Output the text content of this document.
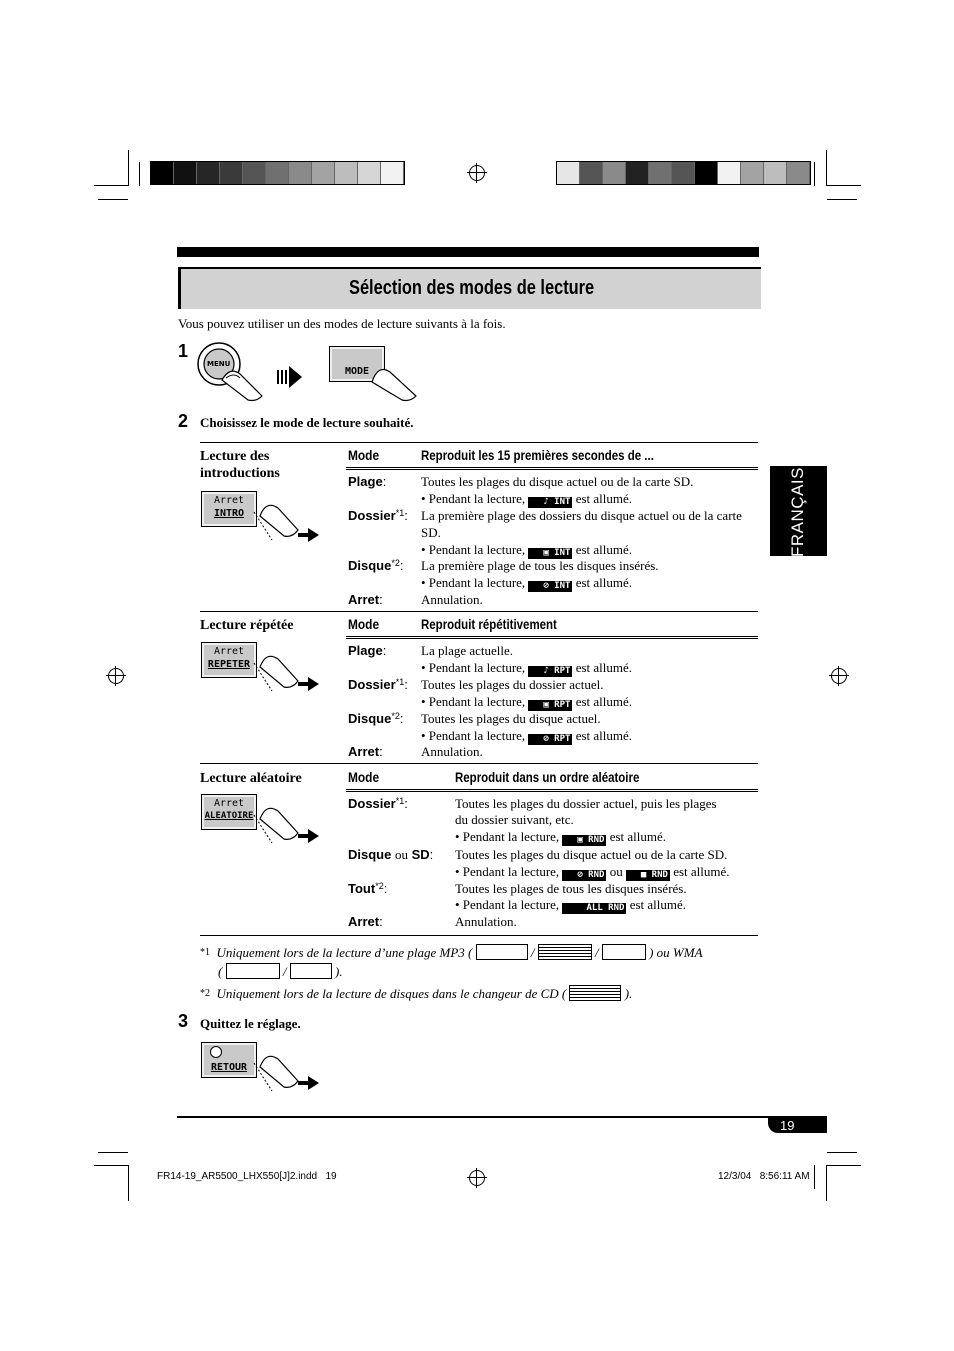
Sélection des modes de lecture
Vous pouvez utiliser un des modes de lecture suivants à la fois.
1
MENU
MODE
2 Choisissez le mode de lecture souhaité.
Lecture des introductions
Arret
INTRO
Mode	Reproduit les 15 premières secondes de ...
Plage:	Toutes les plages du disque actuel ou de la carte SD.
• Pendant la lecture, ♪ INT est allumé.
Dossier$^{*1}$: La première plage des dossiers du disque actuel ou de la carte SD.
• Pendant la lecture, ▣ INT est allumé.
Disque$^{*2}$: La première plage de tous les disques insérés.
• Pendant la lecture, ⊘ INT est allumé.
Arret:	Annulation.
Lecture répétée
Arret
REPETER
Mode	Reproduit répétitivement
Plage:	La plage actuelle.
• Pendant la lecture, ♪ RPT est allumé.
Dossier$^{*1}$: Toutes les plages du dossier actuel.
• Pendant la lecture, ▣ RPT est allumé.
Disque$^{*2}$: Toutes les plages du disque actuel.
• Pendant la lecture, ⊘ RPT est allumé.
Arret:	Annulation.
Lecture aléatoire
Arret
ALEATOIRE
Mode	Reproduit dans un ordre aléatoire
Dossier$^{*1}$:	Toutes les plages du dossier actuel, puis les plages
du dossier suivant, etc.
• Pendant la lecture, ▣ RND est allumé.
Disque ou SD: Toutes les plages du disque actuel ou de la carte SD.
• Pendant la lecture, ⊘ RND ou ■ RND est allumé.
Tout$^{*2}$:	Toutes les plages de tous les disques insérés.
• Pendant la lecture,	ALL RND est allumé.
Arret:	Annulation.
*1 Uniquement lors de la lecture d’une plage MP3 (	/	/	) ou WMA
(	/	).
*2 Uniquement lors de la lecture de disques dans le changeur de CD (	).
3 Quittez le réglage.
RETOUR
FRANÇAIS
19
FR14-19_AR5500_LHX550[J]2.indd   19	12/3/04   8:56:11 AM
